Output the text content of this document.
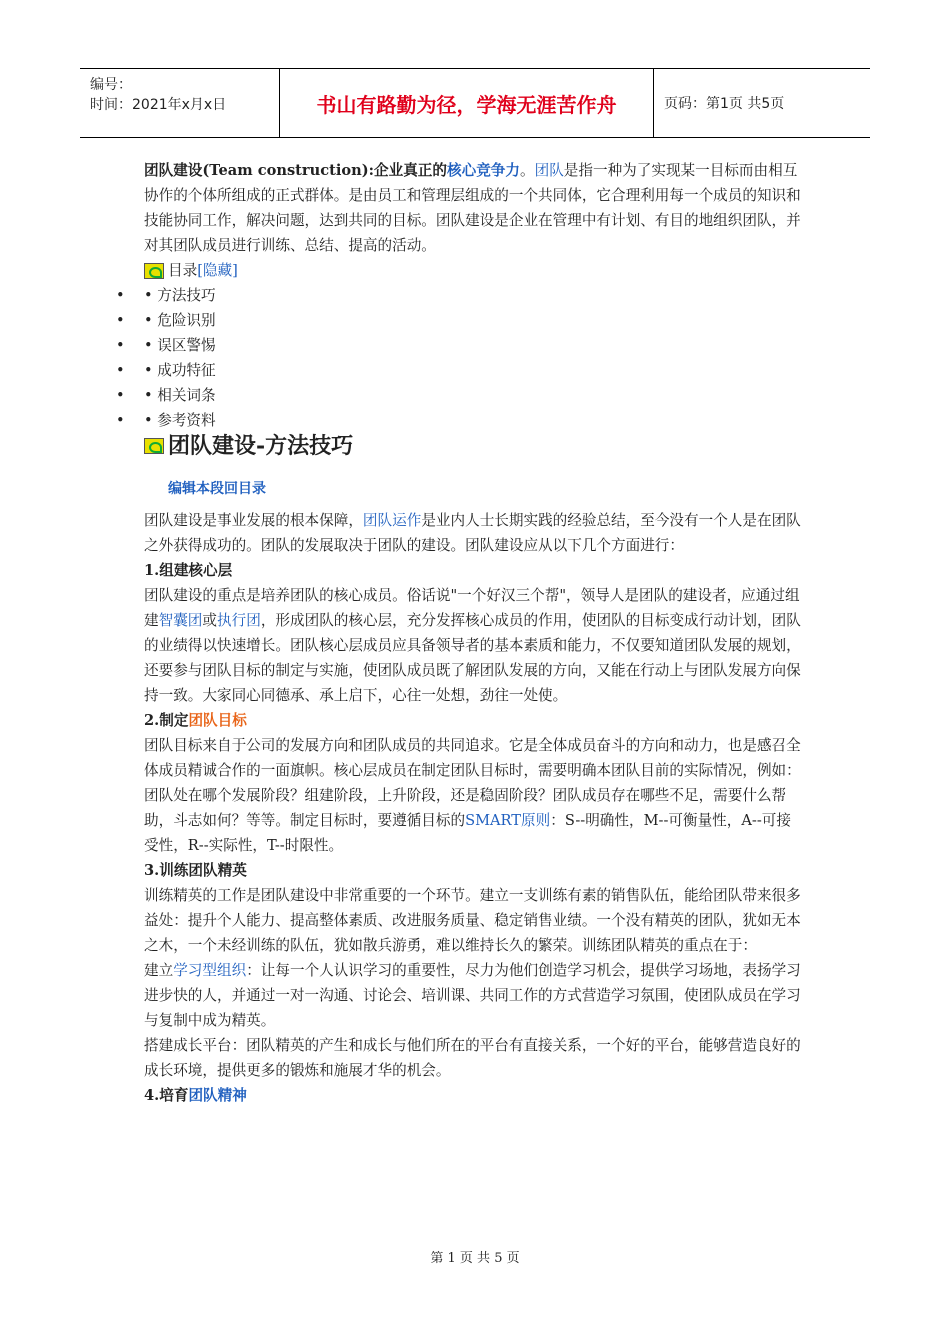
编号：
时间：2021年x月x日	书山有路勤为径，学海无涯苦作舟	页码：第1页 共5页

团队建设(Team construction):企业真正的核心竞争力。团队是指一种为了实现某一目标而由相互协作的个体所组成的正式群体。是由员工和管理层组成的一个共同体，它合理利用每一个成员的知识和技能协同工作，解决问题，达到共同的目标。团队建设是企业在管理中有计划、有目的地组织团队，并对其团队成员进行训练、总结、提高的活动。

目录 [隐藏]
• • 方法技巧
• • 危险识别
• • 误区警惕
• • 成功特征
• • 相关词条
• • 参考资料
团队建设-方法技巧
编辑本段回目录

团队建设是事业发展的根本保障，团队运作是业内人士长期实践的经验总结，至今没有一个人是在团队之外获得成功的。团队的发展取决于团队的建设。团队建设应从以下几个方面进行：

1.组建核心层

团队建设的重点是培养团队的核心成员。俗话说"一个好汉三个帮"，领导人是团队的建设者，应通过组建智囊团或执行团，形成团队的核心层，充分发挥核心成员的作用，使团队的目标变成行动计划，团队的业绩得以快速增长。团队核心层成员应具备领导者的基本素质和能力，不仅要知道团队发展的规划，还要参与团队目标的制定与实施，使团队成员既了解团队发展的方向，又能在行动上与团队发展方向保持一致。大家同心同德承、承上启下，心往一处想，劲往一处使。

2.制定团队目标

团队目标来自于公司的发展方向和团队成员的共同追求。它是全体成员奋斗的方向和动力，也是感召全体成员精诚合作的一面旗帜。核心层成员在制定团队目标时，需要明确本团队目前的实际情况，例如：团队处在哪个发展阶段？组建阶段，上升阶段，还是稳固阶段？团队成员存在哪些不足，需要什么帮助，斗志如何？等等。制定目标时，要遵循目标的SMART原则：S--明确性，M--可衡量性，A--可接受性，R--实际性，T--时限性。

3.训练团队精英

训练精英的工作是团队建设中非常重要的一个环节。建立一支训练有素的销售队伍，能给团队带来很多益处：提升个人能力、提高整体素质、改进服务质量、稳定销售业绩。一个没有精英的团队，犹如无本之木，一个未经训练的队伍，犹如散兵游勇，难以维持长久的繁荣。训练团队精英的重点在于：

建立学习型组织：让每一个人认识学习的重要性，尽力为他们创造学习机会，提供学习场地，表扬学习进步快的人，并通过一对一沟通、讨论会、培训课、共同工作的方式营造学习氛围，使团队成员在学习与复制中成为精英。

搭建成长平台：团队精英的产生和成长与他们所在的平台有直接关系，一个好的平台，能够营造良好的成长环境，提供更多的锻炼和施展才华的机会。

4.培育团队精神

第 1 页 共 5 页
